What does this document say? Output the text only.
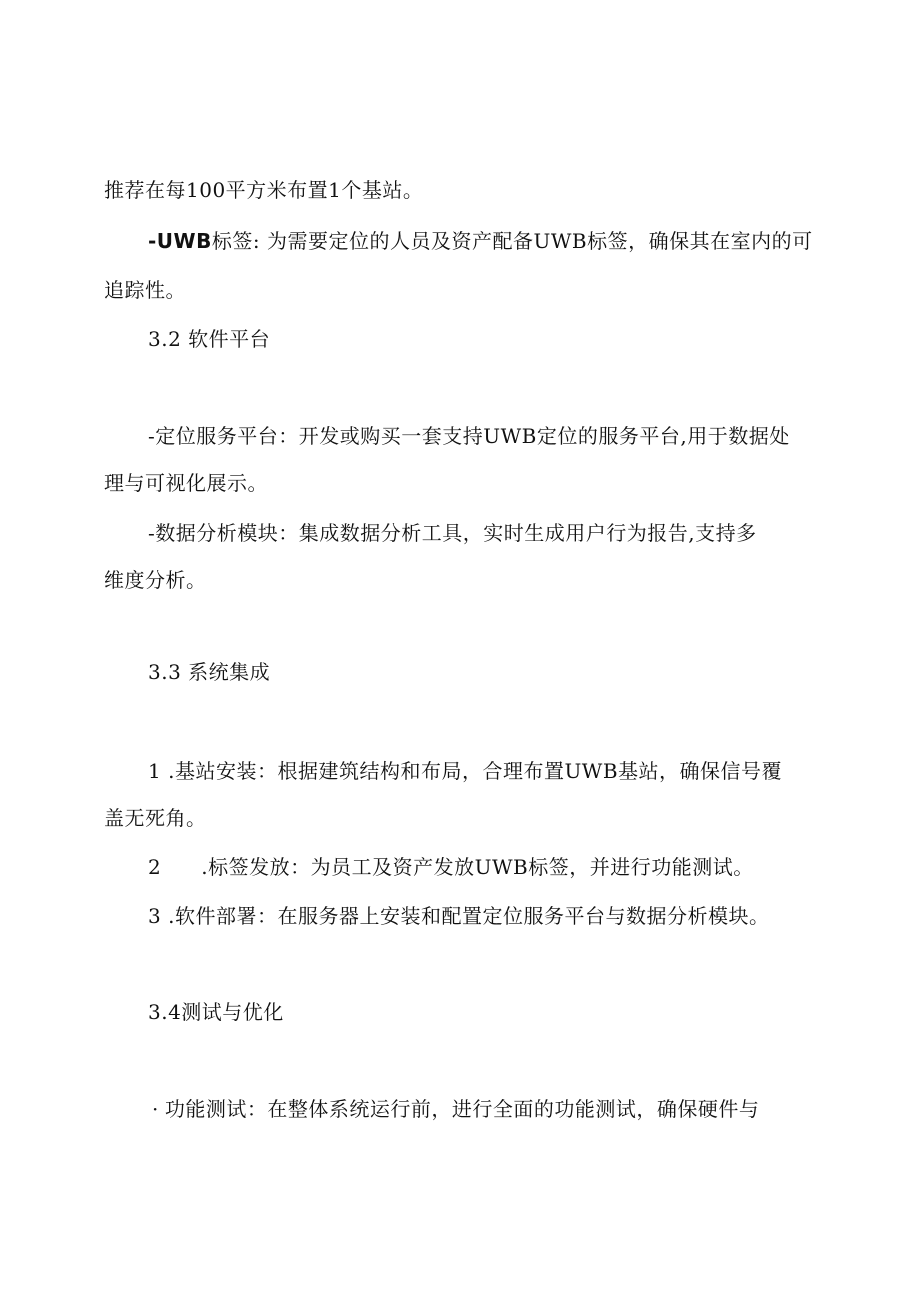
推荐在每100平方米布置1个基站。
-UWB标签: 为需要定位的人员及资产配备UWB标签，确保其在室内的可
追踪性。
3.2 软件平台
-定位服务平台：开发或购买一套支持UWB定位的服务平台,用于数据处
理与可视化展示。
-数据分析模块：集成数据分析工具，实时生成用户行为报告,支持多
维度分析。
3.3 系统集成
1 .基站安装：根据建筑结构和布局，合理布置UWB基站，确保信号覆
盖无死角。
2 .标签发放：为员工及资产发放UWB标签，并进行功能测试。
3 .软件部署：在服务器上安装和配置定位服务平台与数据分析模块。
3.4测试与优化
· 功能测试：在整体系统运行前，进行全面的功能测试，确保硬件与
